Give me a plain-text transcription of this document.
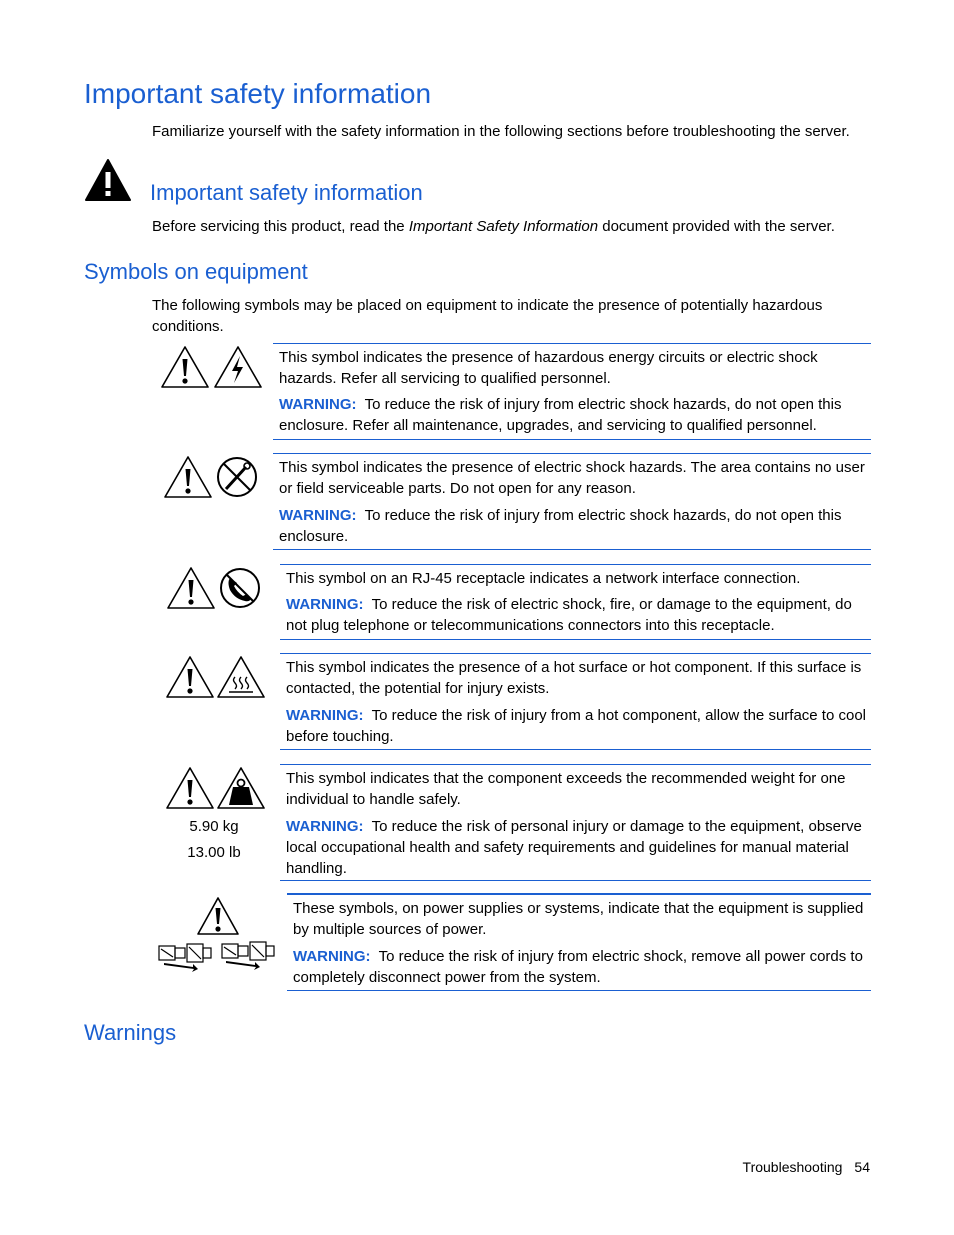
Important safety information

Familiarize yourself with the safety information in the following sections before troubleshooting the server.

Important safety information

Before servicing this product, read the Important Safety Information document provided with the server.

Symbols on equipment

The following symbols may be placed on equipment to indicate the presence of potentially hazardous conditions.

This symbol indicates the presence of hazardous energy circuits or electric shock hazards. Refer all servicing to qualified personnel.

WARNING: To reduce the risk of injury from electric shock hazards, do not open this enclosure. Refer all maintenance, upgrades, and servicing to qualified personnel.

This symbol indicates the presence of electric shock hazards. The area contains no user or field serviceable parts. Do not open for any reason.

WARNING: To reduce the risk of injury from electric shock hazards, do not open this enclosure.

This symbol on an RJ-45 receptacle indicates a network interface connection.

WARNING: To reduce the risk of electric shock, fire, or damage to the equipment, do not plug telephone or telecommunications connectors into this receptacle.

This symbol indicates the presence of a hot surface or hot component. If this surface is contacted, the potential for injury exists.

WARNING: To reduce the risk of injury from a hot component, allow the surface to cool before touching.

5.90 kg
13.00 lb

This symbol indicates that the component exceeds the recommended weight for one individual to handle safely.

WARNING: To reduce the risk of personal injury or damage to the equipment, observe local occupational health and safety requirements and guidelines for manual material handling.

These symbols, on power supplies or systems, indicate that the equipment is supplied by multiple sources of power.

WARNING: To reduce the risk of injury from electric shock, remove all power cords to completely disconnect power from the system.

Warnings
Troubleshooting 54
